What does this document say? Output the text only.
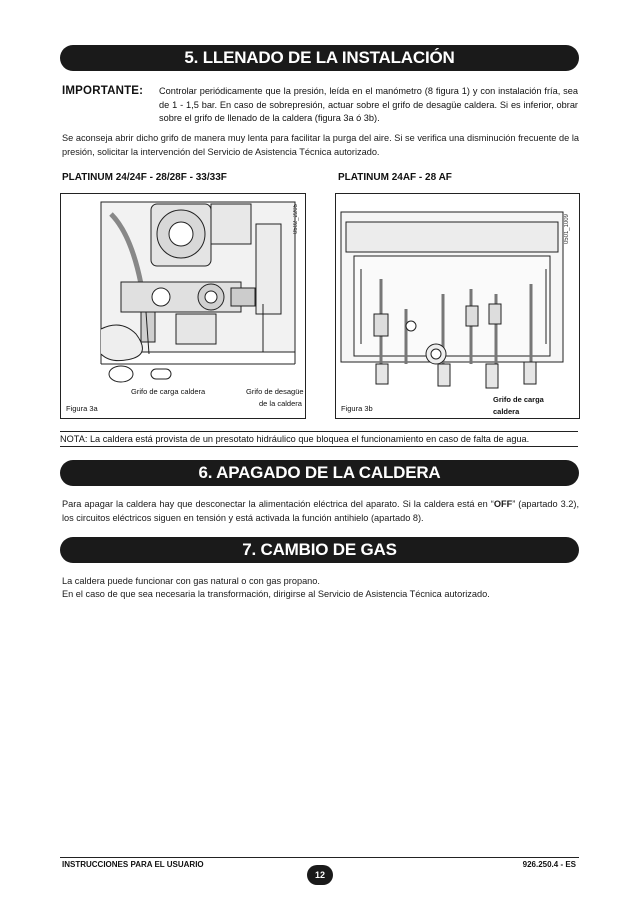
5. LLENADO DE LA INSTALACIÓN
IMPORTANTE: Controlar periódicamente que la presión, leída en el manómetro (8 figura 1) y con instalación fría, sea de 1 - 1,5 bar. En caso de sobrepresión, actuar sobre el grifo de desagüe caldera. Si es inferior, obrar sobre el grifo de llenado de la caldera (figura 3a ó 3b).
Se aconseja abrir dicho grifo de manera muy lenta para facilitar la purga del aire. Si se verifica una disminución frecuente de la presión, solicitar la intervención del Servicio de Asistencia Técnica autorizado.
PLATINUM 24/24F - 28/28F - 33/33F	PLATINUM 24AF - 28 AF
0502_2205
Grifo de carga caldera	Grifo de desagüe
de la caldera
Figura 3a
0501_1009
Grifo de carga
caldera
Figura 3b
NOTA: La caldera está provista de un presotato hidráulico que bloquea el funcionamiento en caso de falta de agua.
6. APAGADO DE LA CALDERA
Para apagar la caldera hay que desconectar la alimentación eléctrica del aparato. Si la caldera está en “OFF” (apartado 3.2), los circuitos eléctricos siguen en tensión y está activada la función antihielo (apartado 8).
7. CAMBIO DE GAS
La caldera puede funcionar con gas natural o con gas propano.
En el caso de que sea necesaria la transformación, dirigirse al Servicio de Asistencia Técnica autorizado.
INSTRUCCIONES PARA EL USUARIO
12
926.250.4 - ES
